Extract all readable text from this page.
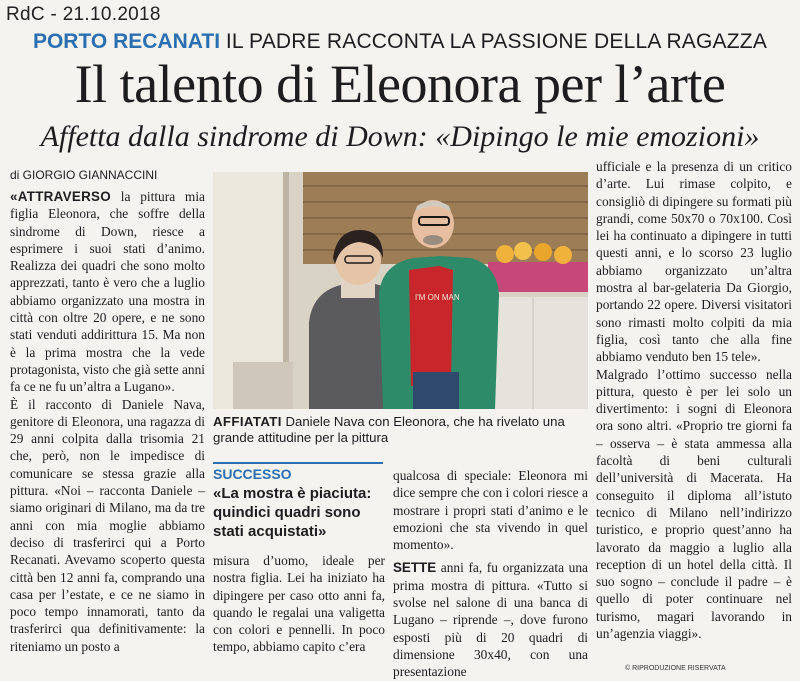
RdC - 21.10.2018
PORTO RECANATI IL PADRE RACCONTA LA PASSIONE DELLA RAGAZZA
Il talento di Eleonora per l’arte
Affetta dalla sindrome di Down: «Dipingo le mie emozioni»
di GIORGIO GIANNACCINI

«ATTRAVERSO la pittura mia figlia Eleonora, che soffre della sindrome di Down, riesce a esprimere i suoi stati d’animo. Realizza dei quadri che sono molto apprezzati, tanto è vero che a luglio abbiamo organizzato una mostra in città con oltre 20 opere, e ne sono stati venduti addirittura 15. Ma non è la prima mostra che la vede protagonista, visto che già sette anni fa ce ne fu un’altra a Lugano».

È il racconto di Daniele Nava, genitore di Eleonora, una ragazza di 29 anni colpita dalla trisomia 21 che, però, non le impedisce di comunicare se stessa grazie alla pittura. «Noi – racconta Daniele – siamo originari di Milano, ma da tre anni con mia moglie abbiamo deciso di trasferirci qui a Porto Recanati. Avevamo scoperto questa città ben 12 anni fa, comprando una casa per l’estate, e ce ne siamo in poco tempo innamorati, tanto da trasferirci qua definitivamente: la riteniamo un posto a

I'M ON MAN
AFFIATATI Daniele Nava con Eleonora, che ha rivelato una grande attitudine per la pittura
SUCCESSO
«La mostra è piaciuta: quindici quadri sono stati acquistati»

misura d’uomo, ideale per nostra figlia. Lei ha iniziato ha dipingere per caso otto anni fa, quando le regalai una valigetta con colori e pennelli. In poco tempo, abbiamo capito c’era

qualcosa di speciale: Eleonora mi dice sempre che con i colori riesce a mostrare i propri stati d’animo e le emozioni che sta vivendo in quel momento».

SETTE anni fa, fu organizzata una prima mostra di pittura. «Tutto si svolse nel salone di una banca di Lugano – riprende –, dove furono esposti più di 20 quadri di dimensione 30x40, con una presentazione

ufficiale e la presenza di un critico d’arte. Lui rimase colpito, e consigliò di dipingere su formati più grandi, come 50x70 o 70x100. Così lei ha continuato a dipingere in tutti questi anni, e lo scorso 23 luglio abbiamo organizzato un’altra mostra al bar-gelateria Da Giorgio, portando 22 opere. Diversi visitatori sono rimasti molto colpiti da mia figlia, così tanto che alla fine abbiamo venduto ben 15 tele».

Malgrado l’ottimo successo nella pittura, questo è per lei solo un divertimento: i sogni di Eleonora ora sono altri. «Proprio tre giorni fa – osserva – è stata ammessa alla facoltà di beni culturali dell’università di Macerata. Ha conseguito il diploma all’istuto tecnico di Milano nell’indirizzo turistico, e proprio quest’anno ha lavorato da maggio a luglio alla reception di un hotel della città. Il suo sogno – conclude il padre – è quello di poter continuare nel turismo, magari lavorando in un’agenzia viaggi».

© RIPRODUZIONE RISERVATA
